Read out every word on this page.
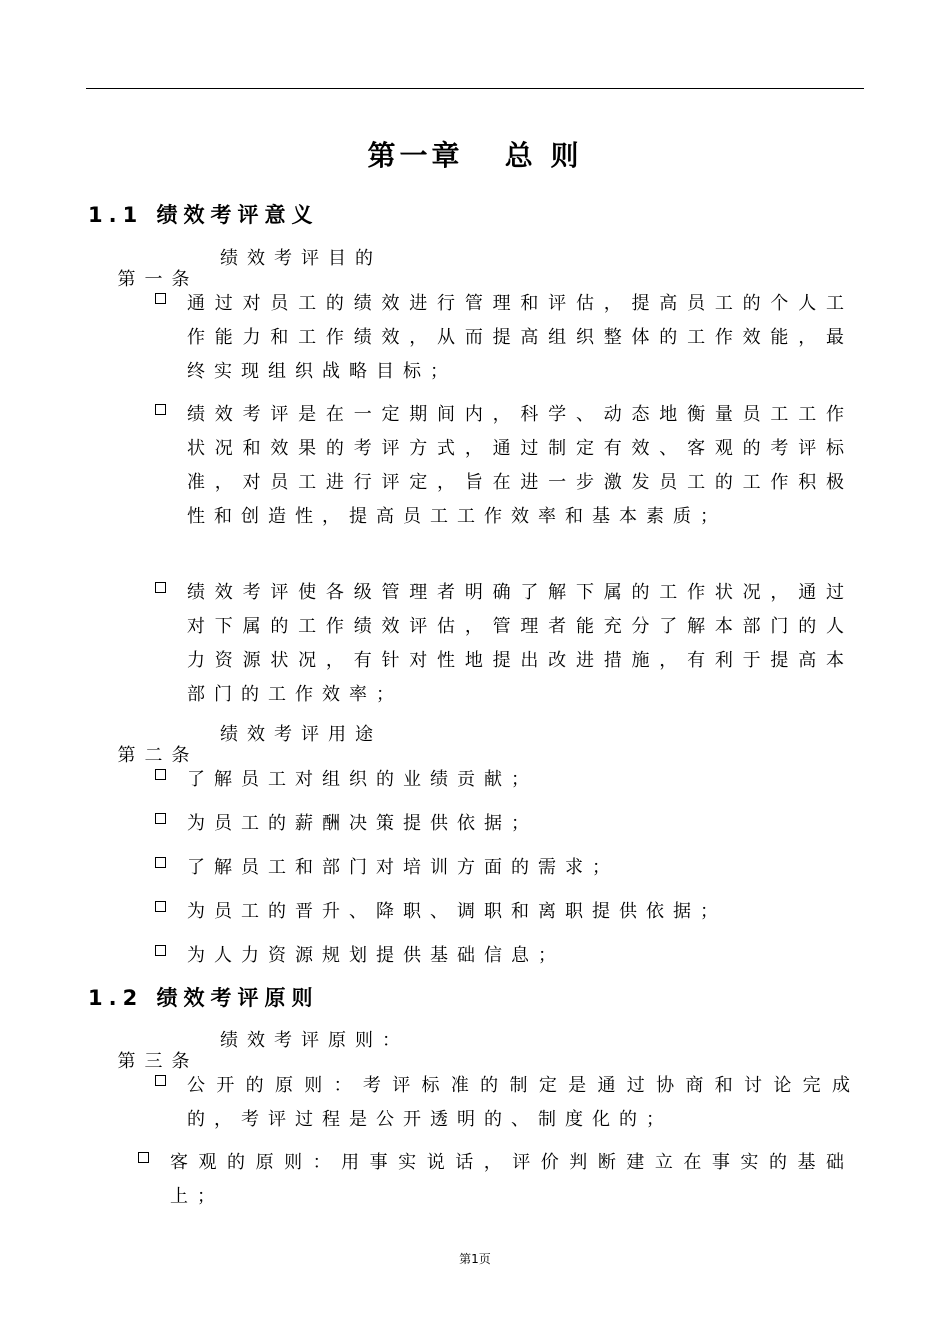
第一章   总 则
1.1 绩效考评意义

第一条

绩效考评目的

通过对员工的绩效进行管理和评估，提高员工的个人工作能力和工作绩效，从而提高组织整体的工作效能，最终实现组织战略目标；
绩效考评是在一定期间内，科学、动态地衡量员工工作状况和效果的考评方式，通过制定有效、客观的考评标准，对员工进行评定，旨在进一步激发员工的工作积极性和创造性，提高员工工作效率和基本素质；
绩效考评使各级管理者明确了解下属的工作状况，通过对下属的工作绩效评估，管理者能充分了解本部门的人力资源状况，有针对性地提出改进措施，有利于提高本部门的工作效率；

第二条

绩效考评用途

了解员工对组织的业绩贡献；
为员工的薪酬决策提供依据；
了解员工和部门对培训方面的需求；
为员工的晋升、降职、调职和离职提供依据；
为人力资源规划提供基础信息；
1.2 绩效考评原则

第三条

绩效考评原则：

公开的原则：考评标准的制定是通过协商和讨论完成的，考评过程是公开透明的、制度化的；
客观的原则：用事实说话，评价判断建立在事实的基础上；
第1页
